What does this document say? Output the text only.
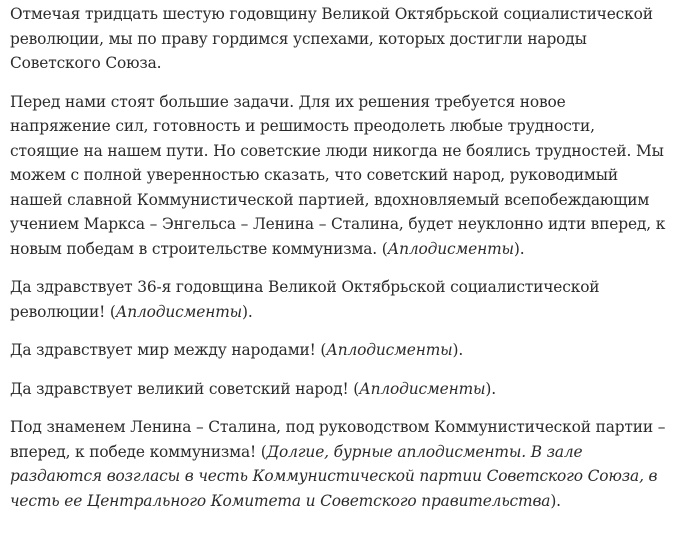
Отмечая тридцать шестую годовщину Великой Октябрьской социалистической революции, мы по праву гордимся успехами, которых достигли народы Советского Союза.

Перед нами стоят большие задачи. Для их решения требуется новое напряжение сил, готовность и решимость преодолеть любые трудности, стоящие на нашем пути. Но советские люди никогда не боялись трудностей. Мы можем с полной уверенностью сказать, что советский народ, руководимый нашей славной Коммунистической партией, вдохновляемый всепобеждающим учением Маркса – Энгельса – Ленина – Сталина, будет неуклонно идти вперед, к новым победам в строительстве коммунизма. (Аплодисменты).

Да здравствует 36-я годовщина Великой Октябрьской социалистической революции! (Аплодисменты).

Да здравствует мир между народами! (Аплодисменты).

Да здравствует великий советский народ! (Аплодисменты).

Под знаменем Ленина – Сталина, под руководством Коммунистической партии – вперед, к победе коммунизма! (Долгие, бурные аплодисменты. В зале раздаются возгласы в честь Коммунистической партии Советского Союза, в честь ее Центрального Комитета и Советского правительства).
